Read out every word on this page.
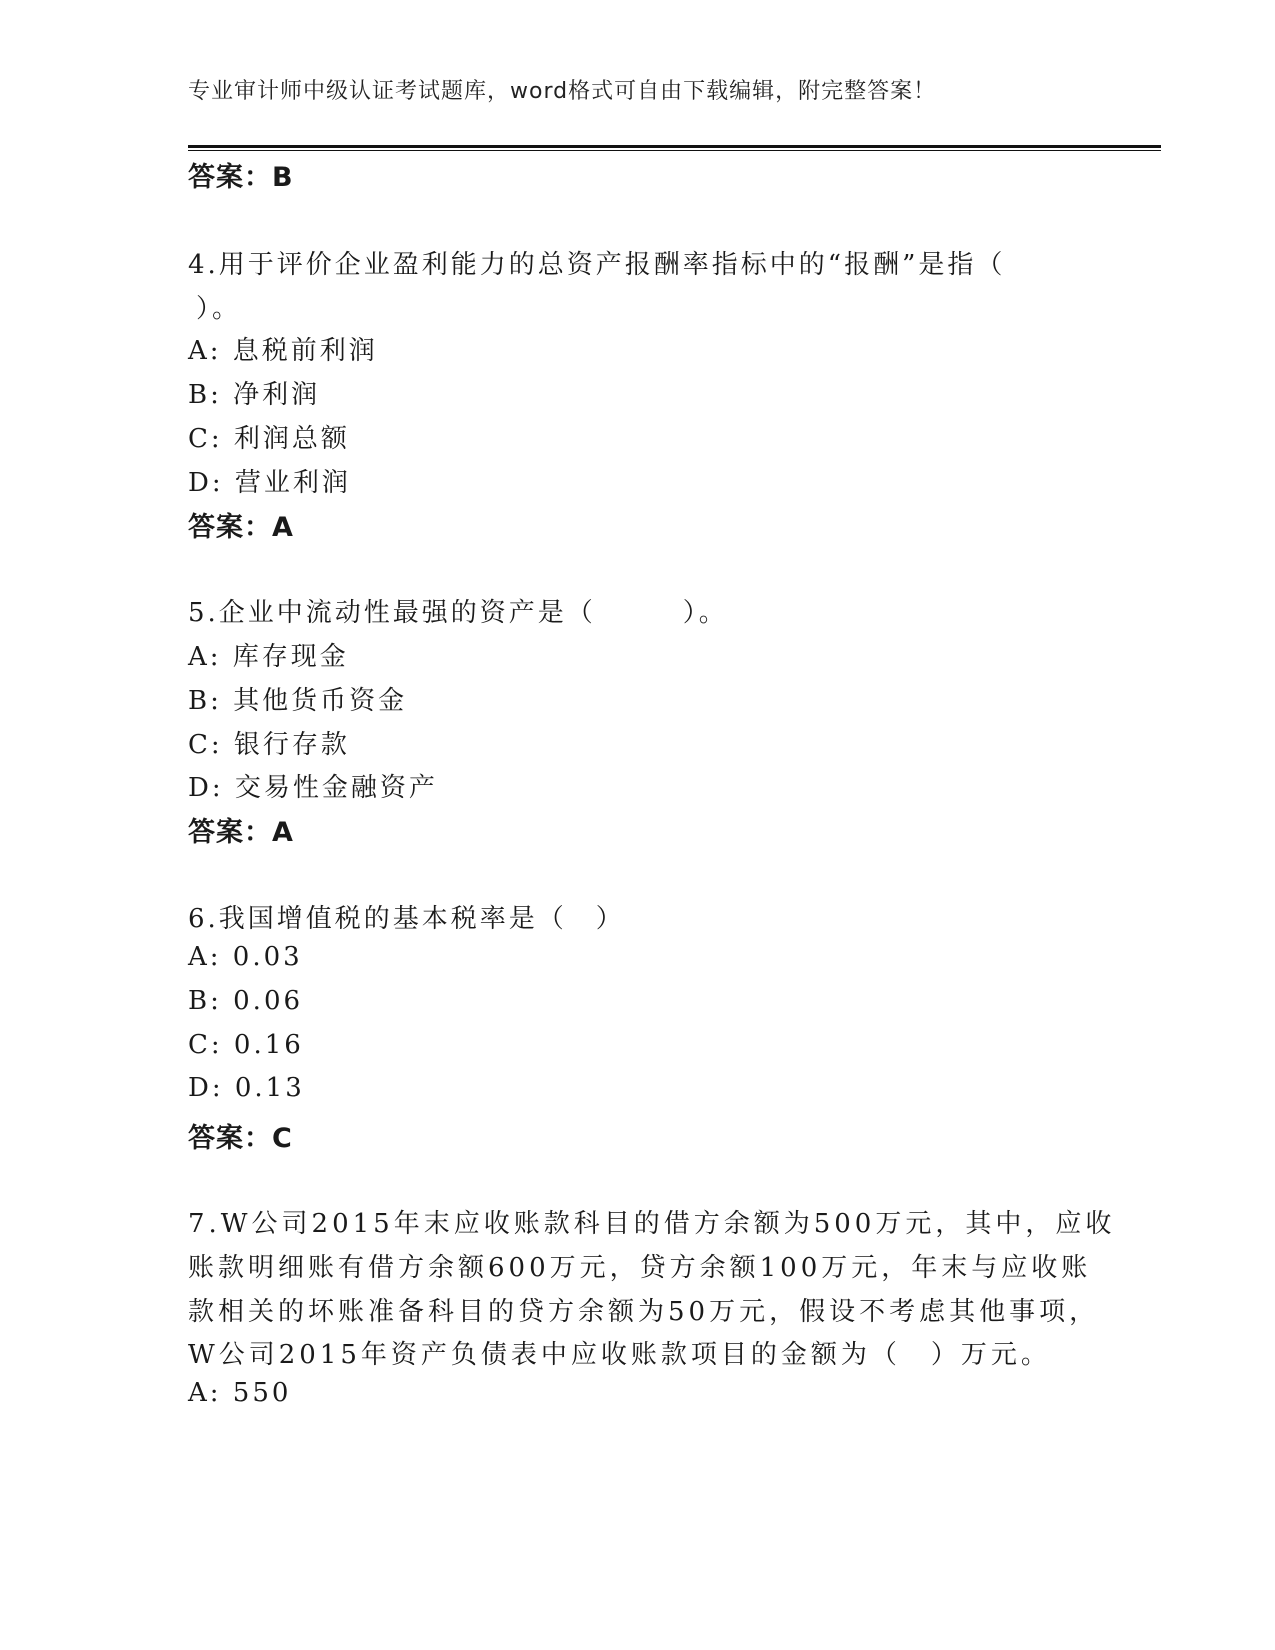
专业审计师中级认证考试题库，word格式可自由下载编辑，附完整答案！
答案：B
4.用于评价企业盈利能力的总资产报酬率指标中的“报酬”是指（
）。
A: 息税前利润
B: 净利润
C: 利润总额
D: 营业利润
答案：A
5.企业中流动性最强的资产是（　　　）。
A: 库存现金
B: 其他货币资金
C: 银行存款
D: 交易性金融资产
答案：A
6.我国增值税的基本税率是（　）
A: 0.03
B: 0.06
C: 0.16
D: 0.13
答案：C
7.W公司2015年末应收账款科目的借方余额为500万元，其中，应收
账款明细账有借方余额600万元，贷方余额100万元，年末与应收账
款相关的坏账准备科目的贷方余额为50万元，假设不考虑其他事项，
W公司2015年资产负债表中应收账款项目的金额为（　）万元。
A: 550
